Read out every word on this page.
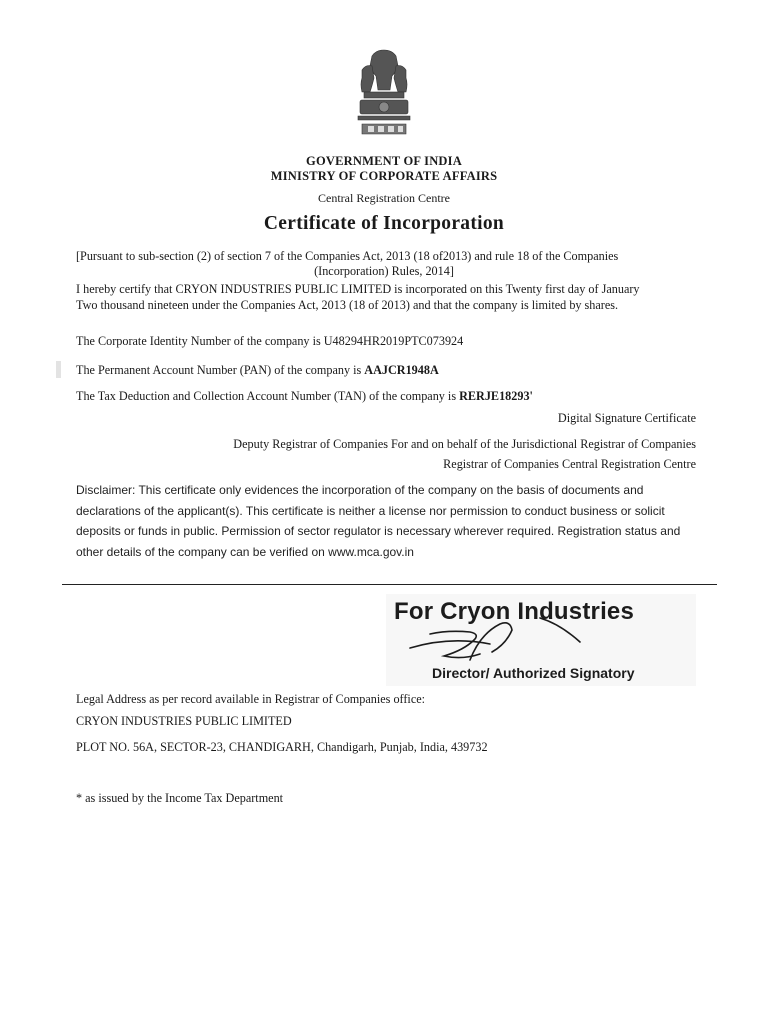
GOVERNMENT OF INDIA
MINISTRY OF CORPORATE AFFAIRS
Central Registration Centre
Certificate of Incorporation
[Pursuant to sub-section (2) of section 7 of the Companies Act, 2013 (18 of2013) and rule 18 of the Companies
(Incorporation) Rules, 2014]
I hereby certify that CRYON INDUSTRIES PUBLIC LIMITED is incorporated on this Twenty first day of January
Two thousand nineteen under the Companies Act, 2013 (18 of 2013) and that the company is limited by shares.
The Corporate Identity Number of the company is U48294HR2019PTC073924
The Permanent Account Number (PAN) of the company is AAJCR1948A
The Tax Deduction and Collection Account Number (TAN) of the company is RERJE18293'
Digital Signature Certificate
Deputy Registrar of Companies For and on behalf of the Jurisdictional Registrar of Companies
Registrar of Companies Central Registration Centre
Disclaimer: This certificate only evidences the incorporation of the company on the basis of documents and
declarations of the applicant(s). This certificate is neither a license nor permission to conduct business or solicit
deposits or funds in public. Permission of sector regulator is necessary wherever required. Registration status and
other details of the company can be verified on www.mca.gov.in
For Cryon Industries
Director/ Authorized Signatory
Legal Address as per record available in Registrar of Companies office:
CRYON INDUSTRIES PUBLIC LIMITED
PLOT NO. 56A, SECTOR-23, CHANDIGARH, Chandigarh, Punjab, India, 439732
* as issued by the Income Tax Department
